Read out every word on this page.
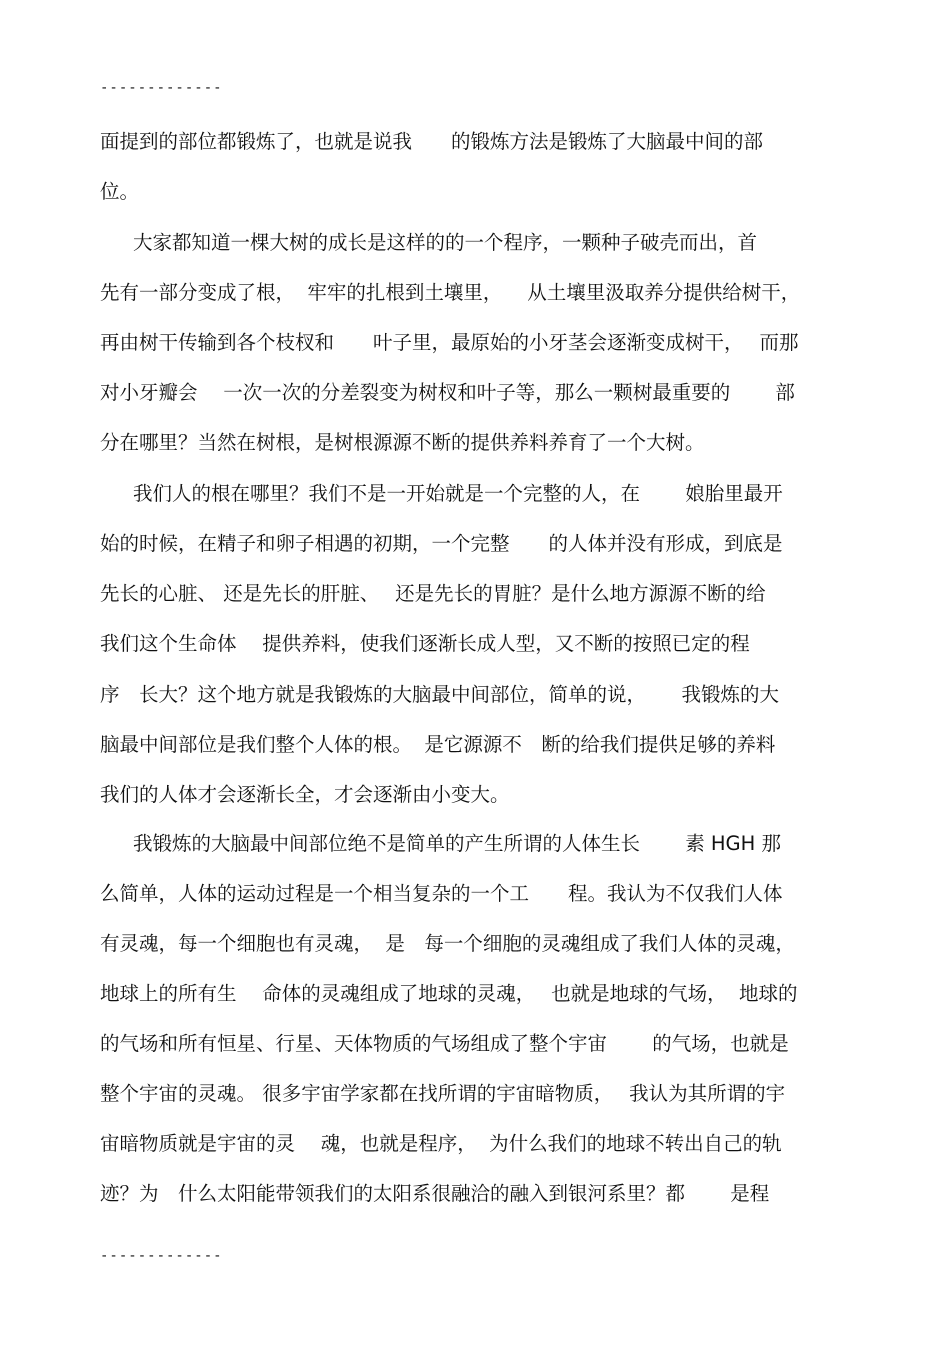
-------------
面提到的部位都锻炼了，也就是说我　　的锻炼方法是锻炼了大脑最中间的部
位。
大家都知道一棵大树的成长是这样的的一个程序，一颗种子破壳而出，首
先有一部分变成了根，  牢牢的扎根到土壤里，    从土壤里汲取养分提供给树干，
再由树干传输到各个枝杈和　　叶子里，最原始的小牙茎会逐渐变成树干，　 而那
对小牙瓣会　 一次一次的分差裂变为树杈和叶子等，那么一颗树最重要的　　 部
分在哪里？当然在树根，是树根源源不断的提供养料养育了一个大树。
我们人的根在哪里？我们不是一开始就是一个完整的人，在　　 娘胎里最开
始的时候，在精子和卵子相遇的初期，一个完整　　的人体并没有形成，到底是
先长的心脏、 还是先长的肝脏、　 还是先长的胃脏？是什么地方源源不断的给
我们这个生命体　 提供养料，使我们逐渐长成人型，又不断的按照已定的程
序　长大？这个地方就是我锻炼的大脑最中间部位，简单的说，　　 我锻炼的大
脑最中间部位是我们整个人体的根。  是它源源不　断的给我们提供足够的养料
我们的人体才会逐渐长全，才会逐渐由小变大。
我锻炼的大脑最中间部位绝不是简单的产生所谓的人体生长　　 素 HGH 那
么简单，人体的运动过程是一个相当复杂的一个工　　程。我认为不仅我们人体
有灵魂，每一个细胞也有灵魂，  是　每一个细胞的灵魂组成了我们人体的灵魂，
地球上的所有生　 命体的灵魂组成了地球的灵魂，　 也就是地球的气场，  地球的
的气场和所有恒星、行星、天体物质的气场组成了整个宇宙　　 的气场，也就是
整个宇宙的灵魂。 很多宇宙学家都在找所谓的宇宙暗物质，　 我认为其所谓的宇
宙暗物质就是宇宙的灵　 魂，也就是程序，  为什么我们的地球不转出自己的轨
迹？为　什么太阳能带领我们的太阳系很融洽的融入到银河系里？都　　 是程
-------------
